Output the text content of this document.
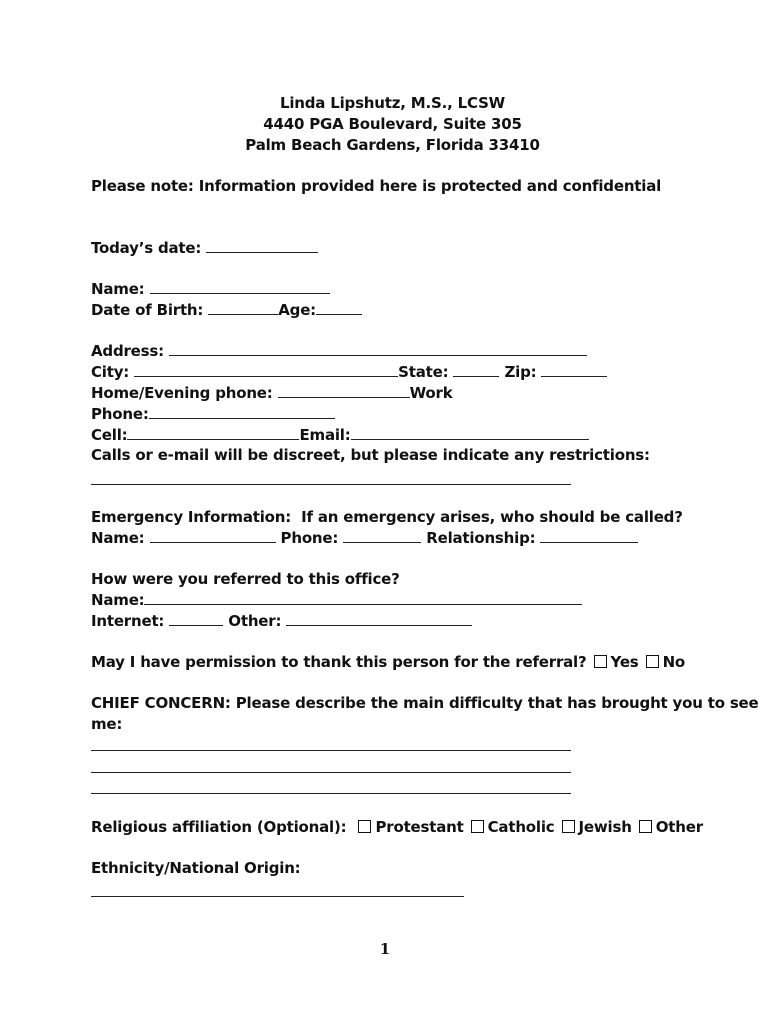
Linda Lipshutz, M.S., LCSW
4440 PGA Boulevard, Suite 305
Palm Beach Gardens, Florida 33410
Please note: Information provided here is protected and confidential
Today’s date:
Name:
Date of Birth:	Age:
Address:
City:	State:	Zip:
Home/Evening phone:	Work
Phone:
Cell:	Email:
Calls or e-mail will be discreet, but please indicate any restrictions:
Emergency Information:  If an emergency arises, who should be called?
Name:	Phone:	Relationship:
How were you referred to this office?
Name:
Internet:	Other:
May I have permission to thank this person for the referral? Yes No
CHIEF CONCERN: Please describe the main difficulty that has brought you to see
me:
Religious affiliation (Optional): Protestant Catholic Jewish Other
Ethnicity/National Origin:
1
